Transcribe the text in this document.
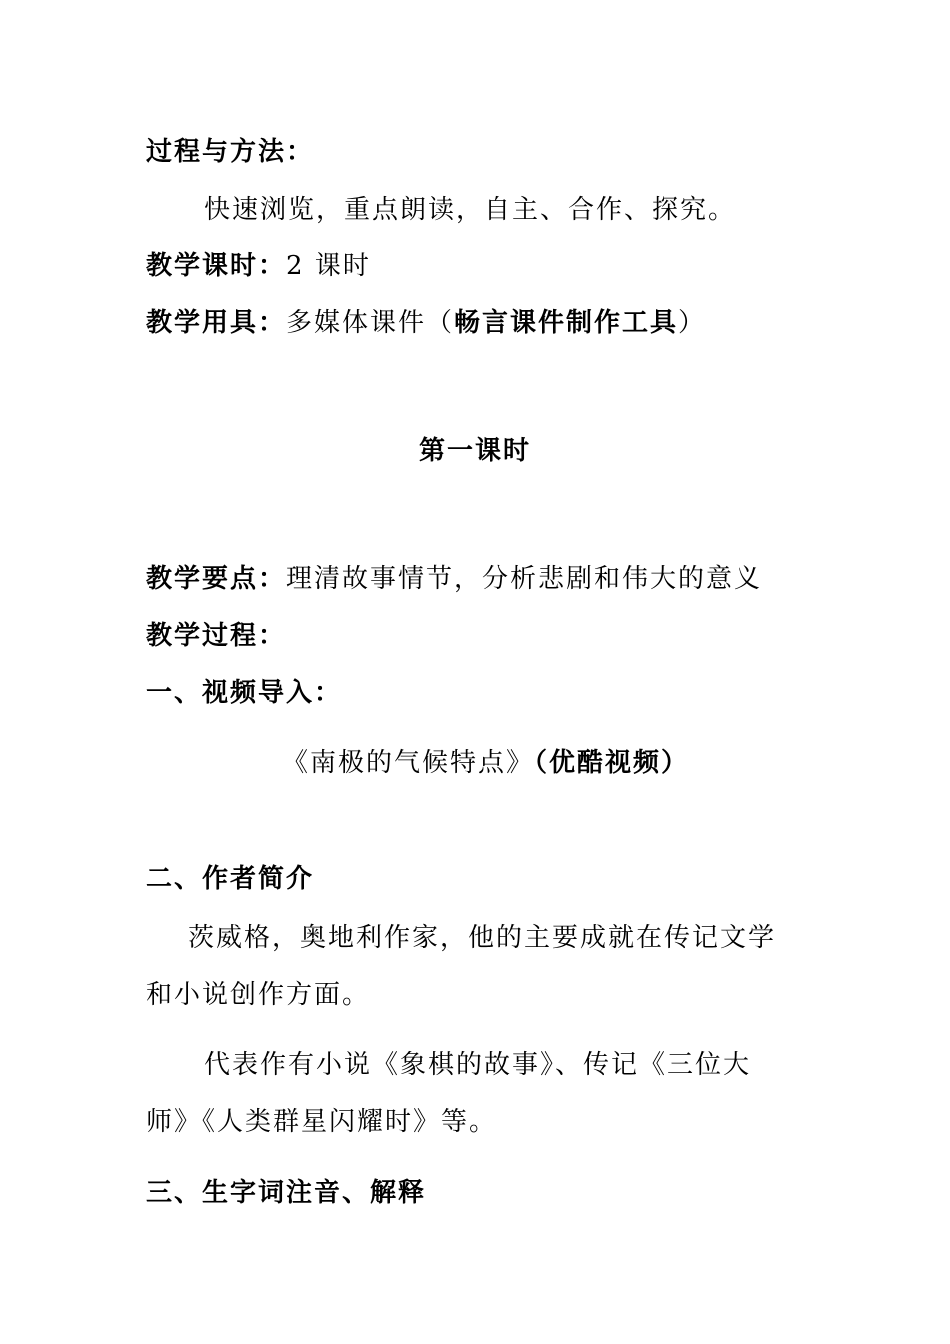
过程与方法：
快速浏览，重点朗读，自主、合作、探究。
教学课时：2 课时
教学用具：多媒体课件（畅言课件制作工具）
第一课时
教学要点：理清故事情节，分析悲剧和伟大的意义
教学过程：
一、视频导入：
《南极的气候特点》（优酷视频）
二、作者简介
茨威格，奥地利作家，他的主要成就在传记文学
和小说创作方面。
代表作有小说《象棋的故事》、传记《三位大
师》《人类群星闪耀时》等。
三、生字词注音、解释
